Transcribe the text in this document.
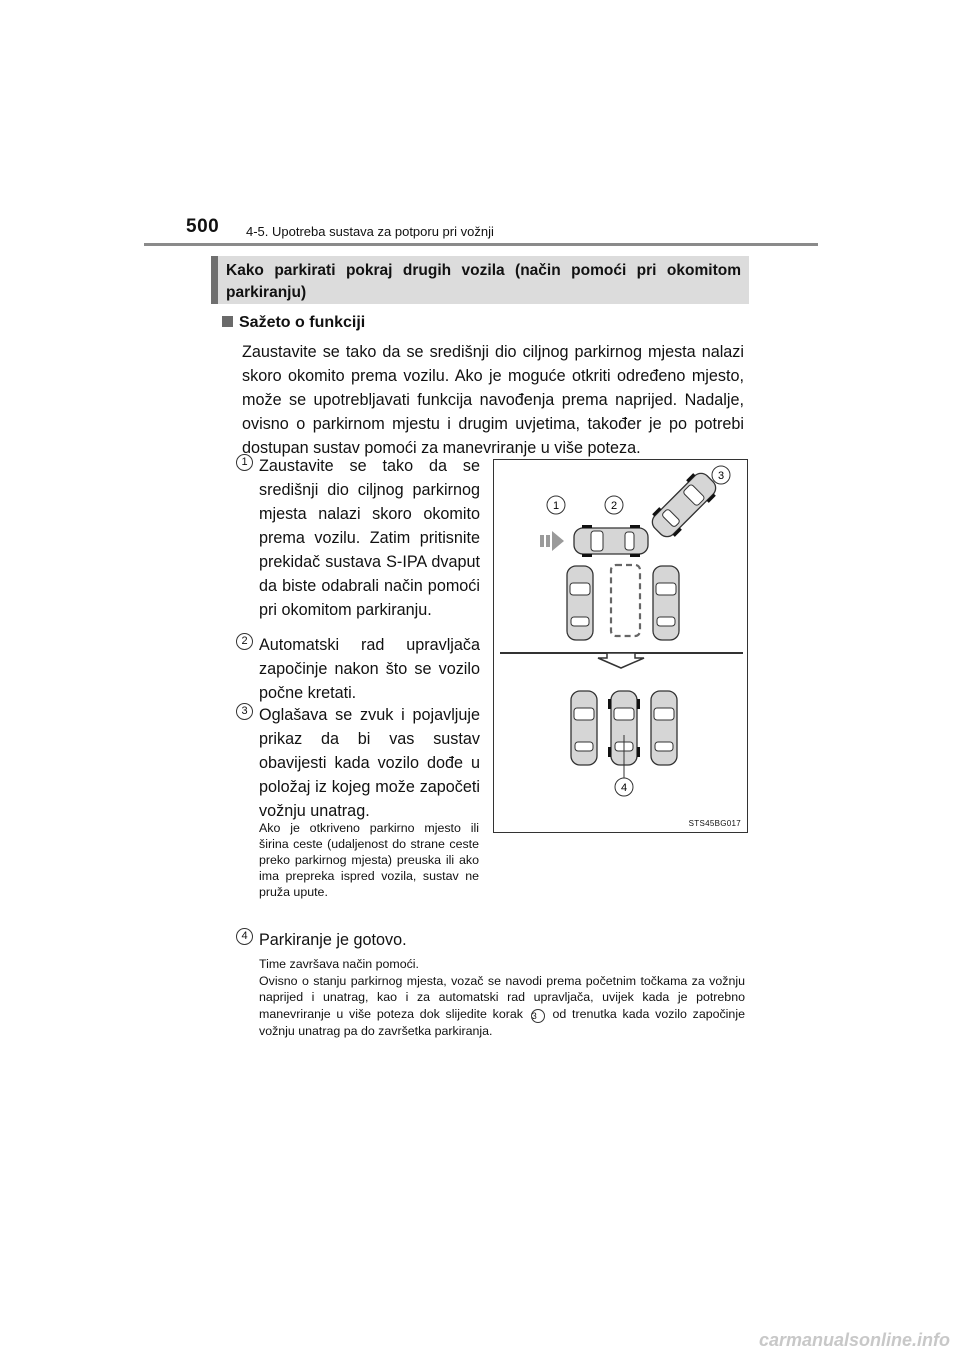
500 4-5. Upotreba sustava za potporu pri vožnji
Kako parkirati pokraj drugih vozila (način pomoći pri okomitom parkiranju)
Sažeto o funkciji
Zaustavite se tako da se središnji dio ciljnog parkirnog mjesta nalazi skoro okomito prema vozilu. Ako je moguće otkriti određeno mjesto, može se upotrebljavati funkcija navođenja prema naprijed. Nadalje, ovisno o parkirnom mjestu i drugim uvjetima, također je po potrebi dostupan sustav pomoći za manevriranje u više poteza.
1 Zaustavite se tako da se središnji dio ciljnog parkirnog mjesta nalazi skoro okomito prema vozilu. Zatim pritisnite prekidač sustava S-IPA dvaput da biste odabrali način pomoći pri okomitom parkiranju.
2 Automatski rad upravljača započinje nakon što se vozilo počne kretati.
3 Oglašava se zvuk i pojavljuje prikaz da bi vas sustav obavijesti kada vozilo dođe u položaj iz kojeg može započeti vožnju unatrag.
Ako je otkriveno parkirno mjesto ili širina ceste (udaljenost do strane ceste preko parkirnog mjesta) preuska ili ako ima prepreka ispred vozila, sustav ne pruža upute.
4 Parkiranje je gotovo.
Time završava način pomoći.
Ovisno o stanju parkirnog mjesta, vozač se navodi prema početnim točkama za vožnju naprijed i unatrag, kao i za automatski rad upravljača, uvijek kada je potrebno manevriranje u više poteza dok slijedite korak 3 od trenutka kada vozilo započinje vožnju unatrag pa do završetka parkiranja.
1	2
3
4
STS45BG017
carmanualsonline.info
